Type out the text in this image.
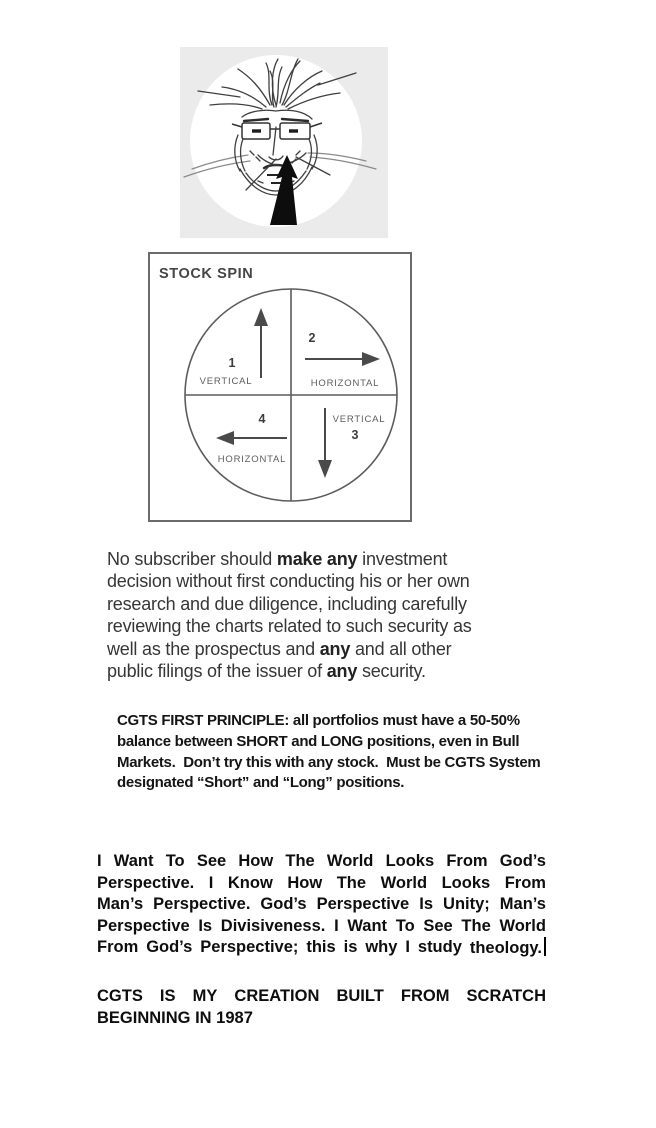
STOCK SPIN
1
VERTICAL
2
HORIZONTAL
VERTICAL
3
4
HORIZONTAL
No subscriber should make any investment
decision without first conducting his or her own
research and due diligence, including carefully
reviewing the charts related to such security as
well as the prospectus and any and all other
public filings of the issuer of any security.
CGTS FIRST PRINCIPLE: all portfolios must have a 50-50%
balance between SHORT and LONG positions, even in Bull
Markets.  Don’t try this with any stock.  Must be CGTS System
designated “Short” and “Long” positions.
I Want To See How The World Looks From God’s
Perspective. I Know How The World Looks From
Man’s Perspective. God’s Perspective Is Unity; Man’s
Perspective Is Divisiveness. I Want To See The World
From God’s Perspective; this is why I study theology.
CGTS IS MY CREATION BUILT FROM SCRATCH
BEGINNING IN 1987
